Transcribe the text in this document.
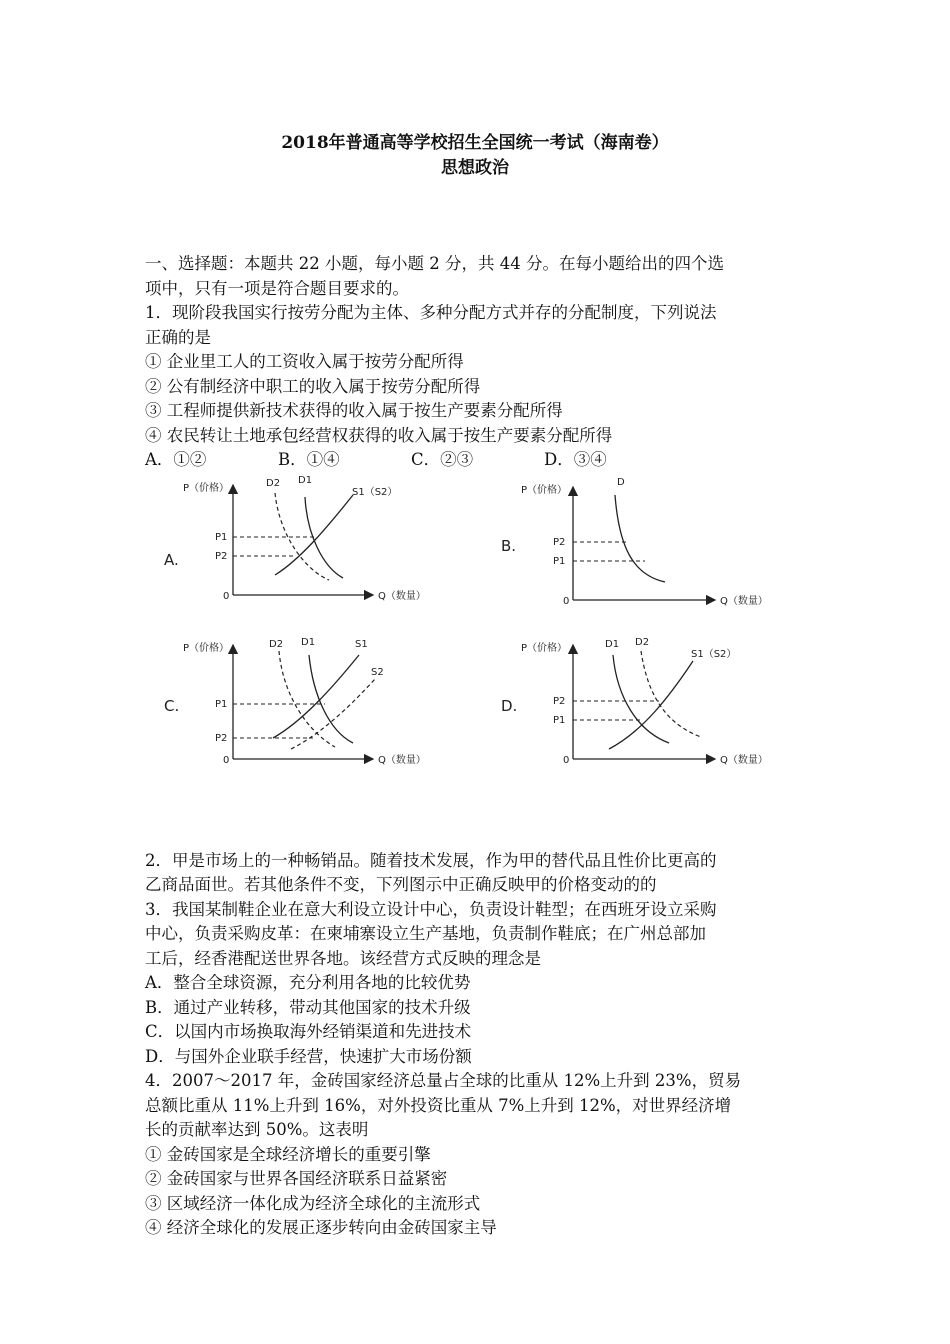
2018年普通高等学校招生全国统一考试（海南卷）
思想政治
一、选择题：本题共 22 小题，每小题 2 分，共 44 分。在每小题给出的四个选
项中，只有一项是符合题目要求的。
1．现阶段我国实行按劳分配为主体、多种分配方式并存的分配制度，下列说法
正确的是
① 企业里工人的工资收入属于按劳分配所得
② 公有制经济中职工的收入属于按劳分配所得
③ 工程师提供新技术获得的收入属于按生产要素分配所得
④ 农民转让土地承包经营权获得的收入属于按生产要素分配所得
A．①②	B．①④	C．②③	D．③④
A.
P（价格）
Q（数量）
0
D2 D1
S1（S2）
P1
P2
B.
P（价格）
Q（数量）
0
D
P2
P1
C.
P（价格）
Q（数量）
0
D2 D1	S1
S2
P1
P2
D.
P（价格）
Q（数量）
0
D1 D2
S1（S2）
P2
P1
2．甲是市场上的一种畅销品。随着技术发展，作为甲的替代品且性价比更高的
乙商品面世。若其他条件不变，下列图示中正确反映甲的价格变动的的
3．我国某制鞋企业在意大利设立设计中心，负责设计鞋型；在西班牙设立采购
中心，负责采购皮革：在柬埔寨设立生产基地，负责制作鞋底；在广州总部加
工后，经香港配送世界各地。该经营方式反映的理念是
A．整合全球资源，充分利用各地的比较优势
B．通过产业转移，带动其他国家的技术升级
C．以国内市场换取海外经销渠道和先进技术
D．与国外企业联手经营，快速扩大市场份额
4．2007～2017 年，金砖国家经济总量占全球的比重从 12%上升到 23%，贸易
总额比重从 11%上升到 16%，对外投资比重从 7%上升到 12%，对世界经济增
长的贡献率达到 50%。这表明
① 金砖国家是全球经济增长的重要引擎
② 金砖国家与世界各国经济联系日益紧密
③ 区域经济一体化成为经济全球化的主流形式
④ 经济全球化的发展正逐步转向由金砖国家主导
